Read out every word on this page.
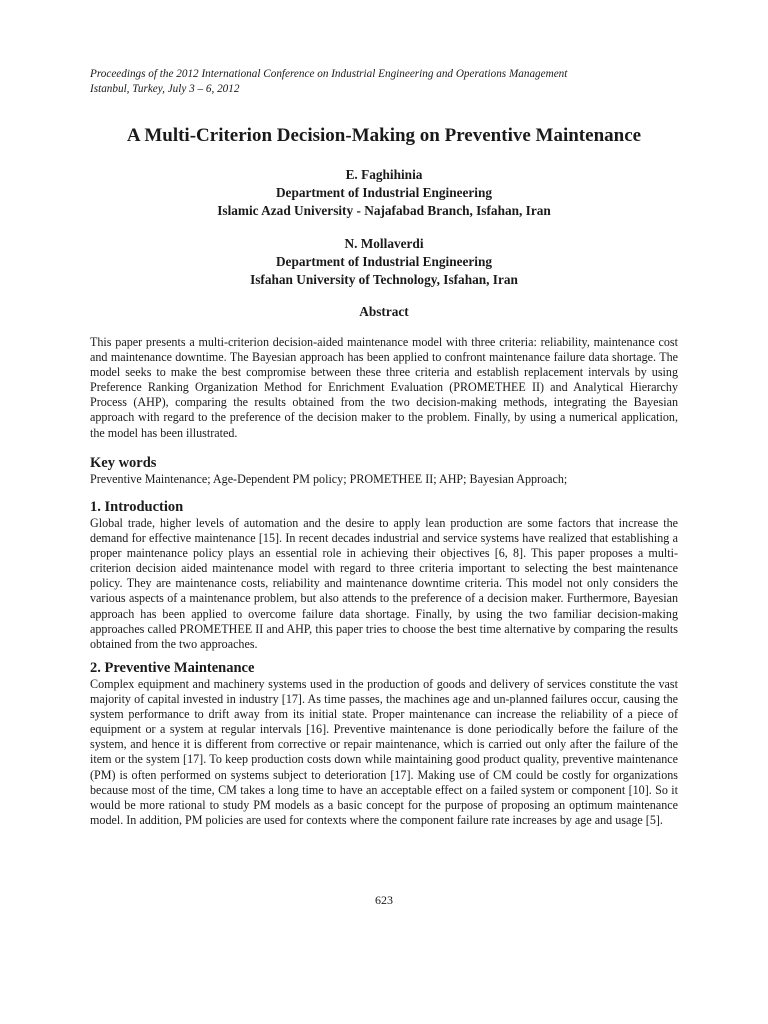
Proceedings of the 2012 International Conference on Industrial Engineering and Operations Management
Istanbul, Turkey, July 3 – 6, 2012
A Multi-Criterion Decision-Making on Preventive Maintenance
E. Faghihinia
Department of Industrial Engineering
Islamic Azad University - Najafabad Branch, Isfahan, Iran
N. Mollaverdi
Department of Industrial Engineering
Isfahan University of Technology, Isfahan, Iran
Abstract
This paper presents a multi-criterion decision-aided maintenance model with three criteria: reliability, maintenance cost and maintenance downtime. The Bayesian approach has been applied to confront maintenance failure data shortage. The model seeks to make the best compromise between these three criteria and establish replacement intervals by using Preference Ranking Organization Method for Enrichment Evaluation (PROMETHEE II) and Analytical Hierarchy Process (AHP), comparing the results obtained from the two decision-making methods, integrating the Bayesian approach with regard to the preference of the decision maker to the problem. Finally, by using a numerical application, the model has been illustrated.
Key words
Preventive Maintenance; Age-Dependent PM policy; PROMETHEE II; AHP; Bayesian Approach;
1. Introduction
Global trade, higher levels of automation and the desire to apply lean production are some factors that increase the demand for effective maintenance [15]. In recent decades industrial and service systems have realized that establishing a proper maintenance policy plays an essential role in achieving their objectives [6, 8]. This paper proposes a multi-criterion decision aided maintenance model with regard to three criteria important to selecting the best maintenance policy. They are maintenance costs, reliability and maintenance downtime criteria. This model not only considers the various aspects of a maintenance problem, but also attends to the preference of a decision maker. Furthermore, Bayesian approach has been applied to overcome failure data shortage. Finally, by using the two familiar decision-making approaches called PROMETHEE II and AHP, this paper tries to choose the best time alternative by comparing the results obtained from the two approaches.
2. Preventive Maintenance
Complex equipment and machinery systems used in the production of goods and delivery of services constitute the vast majority of capital invested in industry [17]. As time passes, the machines age and un-planned failures occur, causing the system performance to drift away from its initial state. Proper maintenance can increase the reliability of a piece of equipment or a system at regular intervals [16]. Preventive maintenance is done periodically before the failure of the system, and hence it is different from corrective or repair maintenance, which is carried out only after the failure of the item or the system [17]. To keep production costs down while maintaining good product quality, preventive maintenance (PM) is often performed on systems subject to deterioration [17]. Making use of CM could be costly for organizations because most of the time, CM takes a long time to have an acceptable effect on a failed system or component [10]. So it would be more rational to study PM models as a basic concept for the purpose of proposing an optimum maintenance model. In addition, PM policies are used for contexts where the component failure rate increases by age and usage [5].
623
